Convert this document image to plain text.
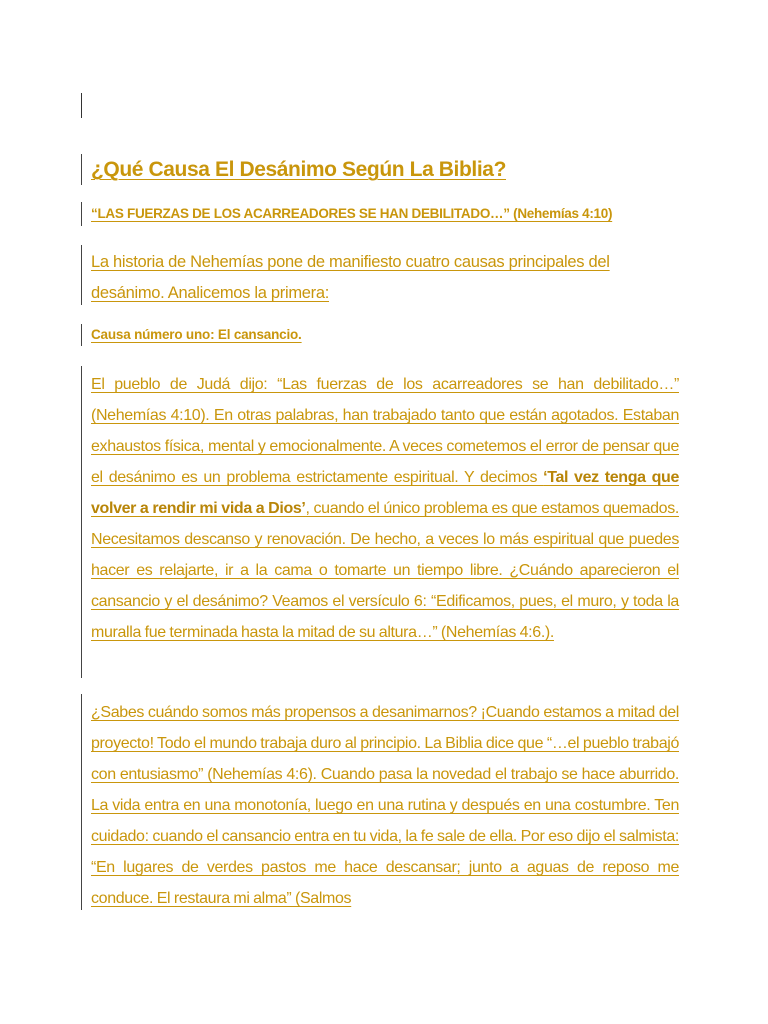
¿Qué Causa El Desánimo Según La Biblia?
“LAS FUERZAS DE LOS ACARREADORES SE HAN DEBILITADO…” (Nehemías 4:10)

La historia de Nehemías pone de manifiesto cuatro causas principales del desánimo. Analicemos la primera:

Causa número uno: El cansancio.

El pueblo de Judá dijo: “Las fuerzas de los acarreadores se han debilitado…” (Nehemías 4:10). En otras palabras, han trabajado tanto que están agotados. Estaban exhaustos física, mental y emocionalmente. A veces cometemos el error de pensar que el desánimo es un problema estrictamente espiritual. Y decimos ‘Tal vez tenga que volver a rendir mi vida a Dios’, cuando el único problema es que estamos quemados. Necesitamos descanso y renovación. De hecho, a veces lo más espiritual que puedes hacer es relajarte, ir a la cama o tomarte un tiempo libre. ¿Cuándo aparecieron el cansancio y el desánimo? Veamos el versículo 6: “Edificamos, pues, el muro, y toda la muralla fue terminada hasta la mitad de su altura…” (Nehemías 4:6.).

¿Sabes cuándo somos más propensos a desanimarnos? ¡Cuando estamos a mitad del proyecto! Todo el mundo trabaja duro al principio. La Biblia dice que “…el pueblo trabajó con entusiasmo” (Nehemías 4:6). Cuando pasa la novedad el trabajo se hace aburrido. La vida entra en una monotonía, luego en una rutina y después en una costumbre. Ten cuidado: cuando el cansancio entra en tu vida, la fe sale de ella. Por eso dijo el salmista: “En lugares de verdes pastos me hace descansar; junto a aguas de reposo me conduce. El restaura mi alma” (Salmos
